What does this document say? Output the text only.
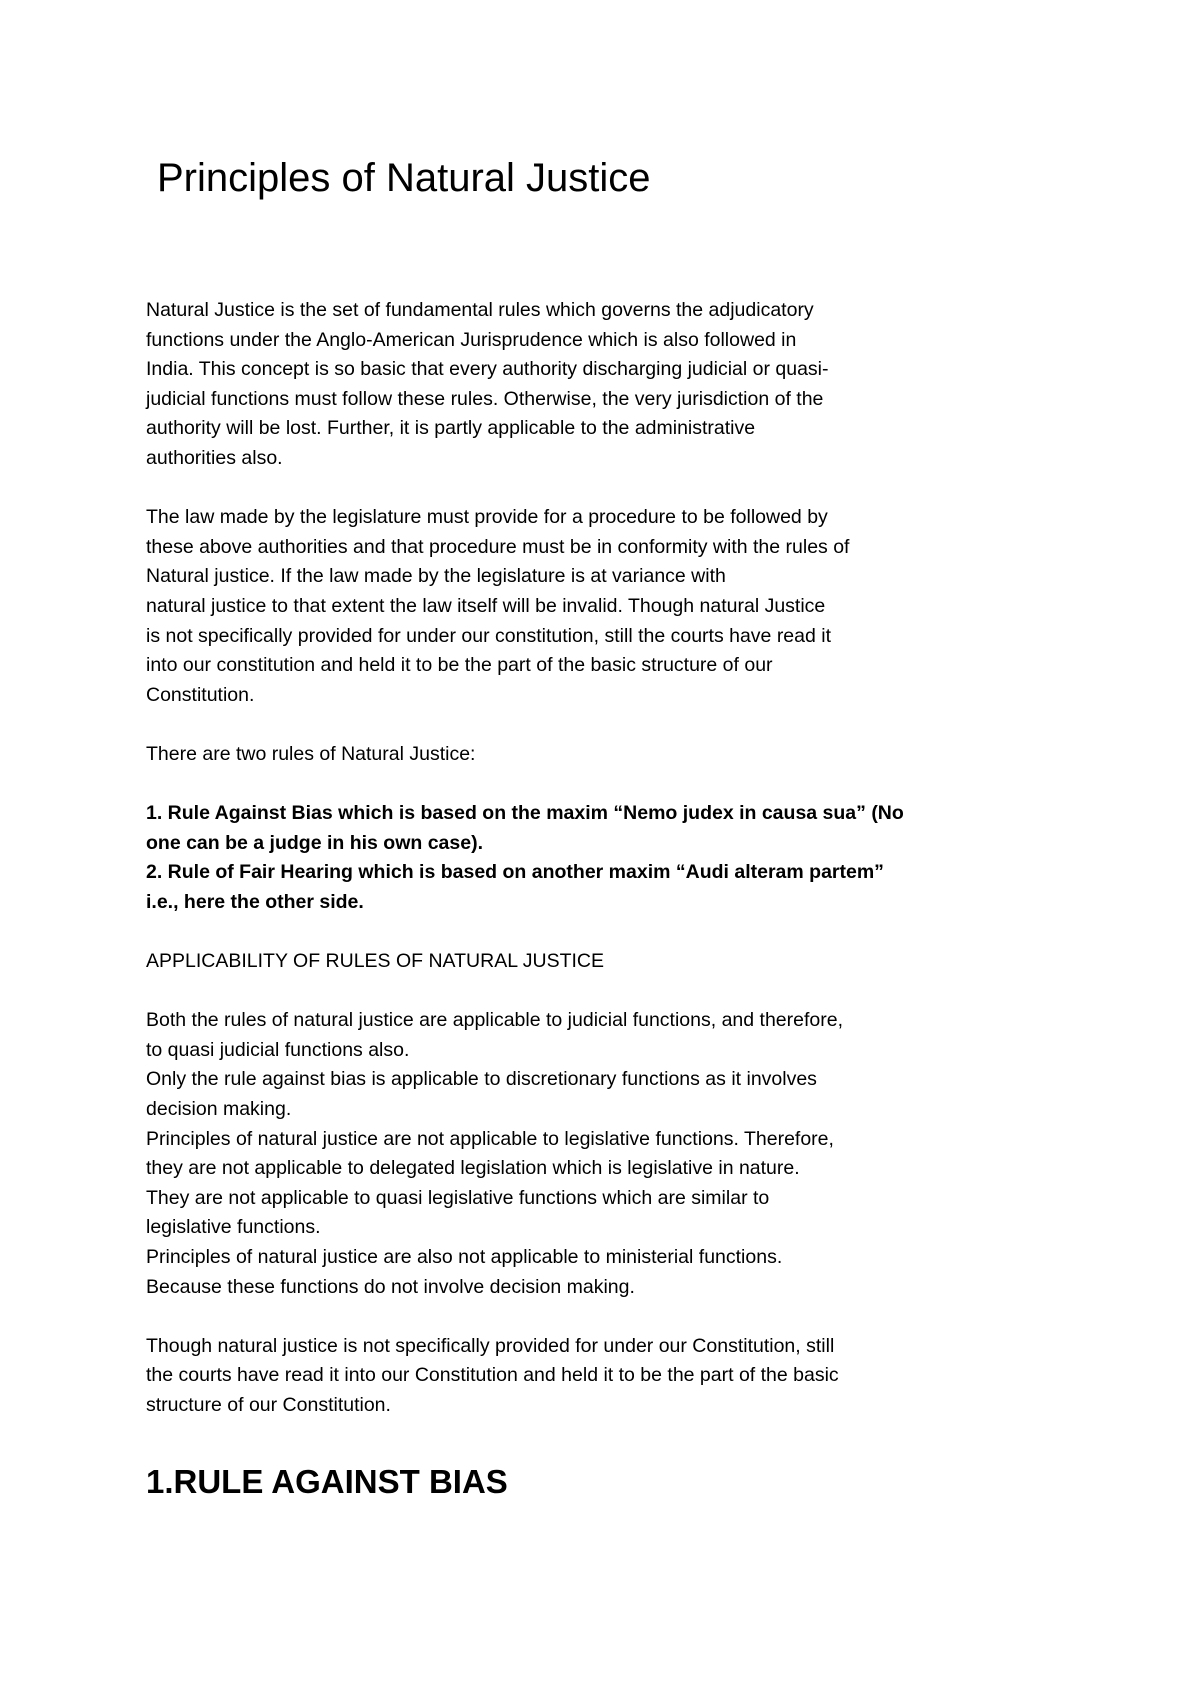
Principles of Natural Justice
Natural Justice is the set of fundamental rules which governs the adjudicatory
functions under the Anglo-American Jurisprudence which is also followed in
India. This concept is so basic that every authority discharging judicial or quasi-
judicial functions must follow these rules. Otherwise, the very jurisdiction of the
authority will be lost. Further, it is partly applicable to the administrative
authorities also.
The law made by the legislature must provide for a procedure to be followed by
these above authorities and that procedure must be in conformity with the rules of
Natural justice. If the law made by the legislature is at variance with
natural justice to that extent the law itself will be invalid. Though natural Justice
is not specifically provided for under our constitution, still the courts have read it
into our constitution and held it to be the part of the basic structure of our
Constitution.
There are two rules of Natural Justice:
1. Rule Against Bias which is based on the maxim “Nemo judex in causa sua” (No
one can be a judge in his own case).
2. Rule of Fair Hearing which is based on another maxim “Audi alteram partem”
i.e., here the other side.
APPLICABILITY OF RULES OF NATURAL JUSTICE
Both the rules of natural justice are applicable to judicial functions, and therefore,
to quasi judicial functions also.
Only the rule against bias is applicable to discretionary functions as it involves
decision making.
Principles of natural justice are not applicable to legislative functions. Therefore,
they are not applicable to delegated legislation which is legislative in nature.
They are not applicable to quasi legislative functions which are similar to
legislative functions.
Principles of natural justice are also not applicable to ministerial functions.
Because these functions do not involve decision making.
Though natural justice is not specifically provided for under our Constitution, still
the courts have read it into our Constitution and held it to be the part of the basic
structure of our Constitution.
1.RULE AGAINST BIAS
